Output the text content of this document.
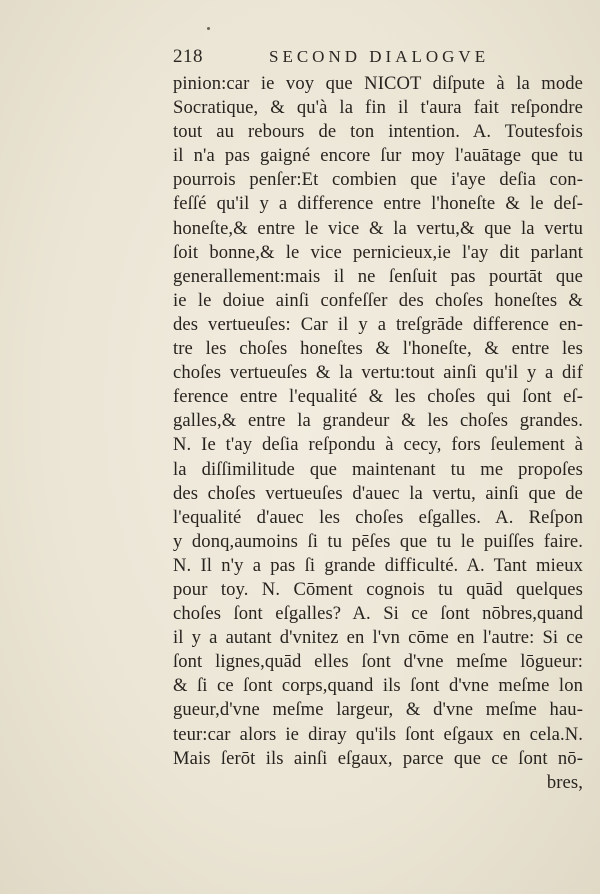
218	SECOND DIALOGVE
pinion:car ie voy que NICOT diſpute à la mode
Socratique, & qu'à la fin il t'aura fait reſpondre
tout au rebours de ton intention. A. Toutesfois
il n'a pas gaigné encore ſur moy l'auātage que tu
pourrois penſer:Et combien que i'aye deſia con-
feſſé qu'il y a difference entre l'honeſte & le deſ-
honeſte,& entre le vice & la vertu,& que la vertu
ſoit bonne,& le vice pernicieux,ie l'ay dit parlant
generallement:mais il ne ſenſuit pas pourtāt que
ie le doiue ainſi confeſſer des choſes honeſtes &
des vertueuſes: Car il y a treſgrāde difference en-
tre les choſes honeſtes & l'honeſte, & entre les
choſes vertueuſes & la vertu:tout ainſi qu'il y a dif
ference entre l'equalité & les choſes qui ſont eſ-
galles,& entre la grandeur & les choſes grandes.
N. Ie t'ay deſia reſpondu à cecy, fors ſeulement à
la diſſimilitude que maintenant tu me propoſes
des choſes vertueuſes d'auec la vertu, ainſi que de
l'equalité d'auec les choſes eſgalles. A. Reſpon
y donq,aumoins ſi tu pēſes que tu le puiſſes faire.
N. Il n'y a pas ſi grande difficulté. A. Tant mieux
pour toy. N. Cōment cognois tu quād quelques
choſes ſont eſgalles? A. Si ce ſont nōbres,quand
il y a autant d'vnitez en l'vn cōme en l'autre: Si ce
ſont lignes,quād elles ſont d'vne meſme lōgueur:
& ſi ce ſont corps,quand ils ſont d'vne meſme lon
gueur,d'vne meſme largeur, & d'vne meſme hau-
teur:car alors ie diray qu'ils ſont eſgaux en cela.N.
Mais ſerōt ils ainſi eſgaux, parce que ce ſont nō-
bres,
